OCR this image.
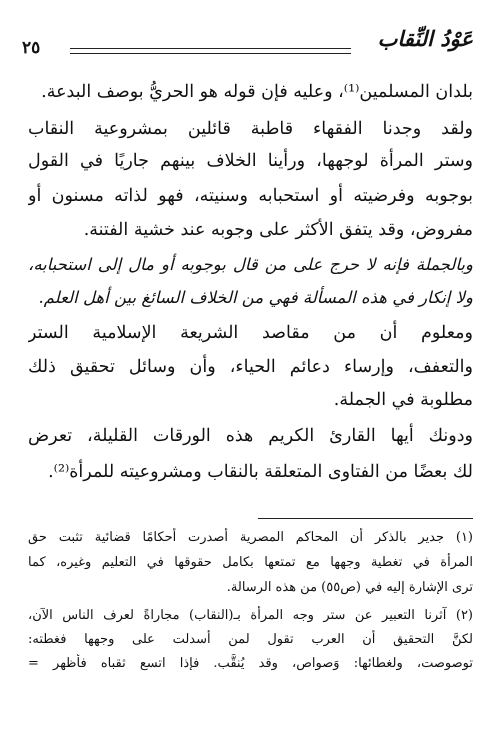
عَوْدُ النِّقاب
٢٥
بلدان المسلمين⁽¹⁾، وعليه فإن قوله هو الحريُّ بوصف البدعة.
ولقد وجدنا الفقهاء قاطبة قائلين بمشروعية النقاب
وستر المرأة لوجهها، ورأينا الخلاف بينهم جاريًا في القول
بوجوبه وفرضيته أو استحبابه وسنيته، فهو لذاته مسنون أو
مفروض، وقد يتفق الأكثر على وجوبه عند خشية الفتنة.
وبالجملة فإنه لا حرج على من قال بوجوبه أو مال إلى استحبابه،
ولا إنكار في هذه المسألة فهي من الخلاف السائغ بين أهل العلم.
ومعلوم أن من مقاصد الشريعة الإسلامية الستر
والتعفف، وإرساء دعائم الحياء، وأن وسائل تحقيق ذلك
مطلوبة في الجملة.
ودونك أيها القارئ الكريم هذه الورقات القليلة، تعرض
لك بعضًا من الفتاوى المتعلقة بالنقاب ومشروعيته للمرأة⁽²⁾.
(١) جدير بالذكر أن المحاكم المصرية أصدرت أحكامًا قضائية تثبت حق
المرأة في تغطية وجهها مع تمتعها بكامل حقوقها في التعليم وغيره، كما
ترى الإشارة إليه في (ص٥٥) من هذه الرسالة.
(٢) آثرنا التعبير عن ستر وجه المرأة بـ(النقاب) مجاراةً لعرف الناس الآن،
لكنَّ التحقيق أن العرب تقول لمن أسدلت على وجهها فغطته:
توصوصت، ولغطائها: وَصواص، وقد يُنقَّب. فإذا اتسع ثقباه فأظهر =
